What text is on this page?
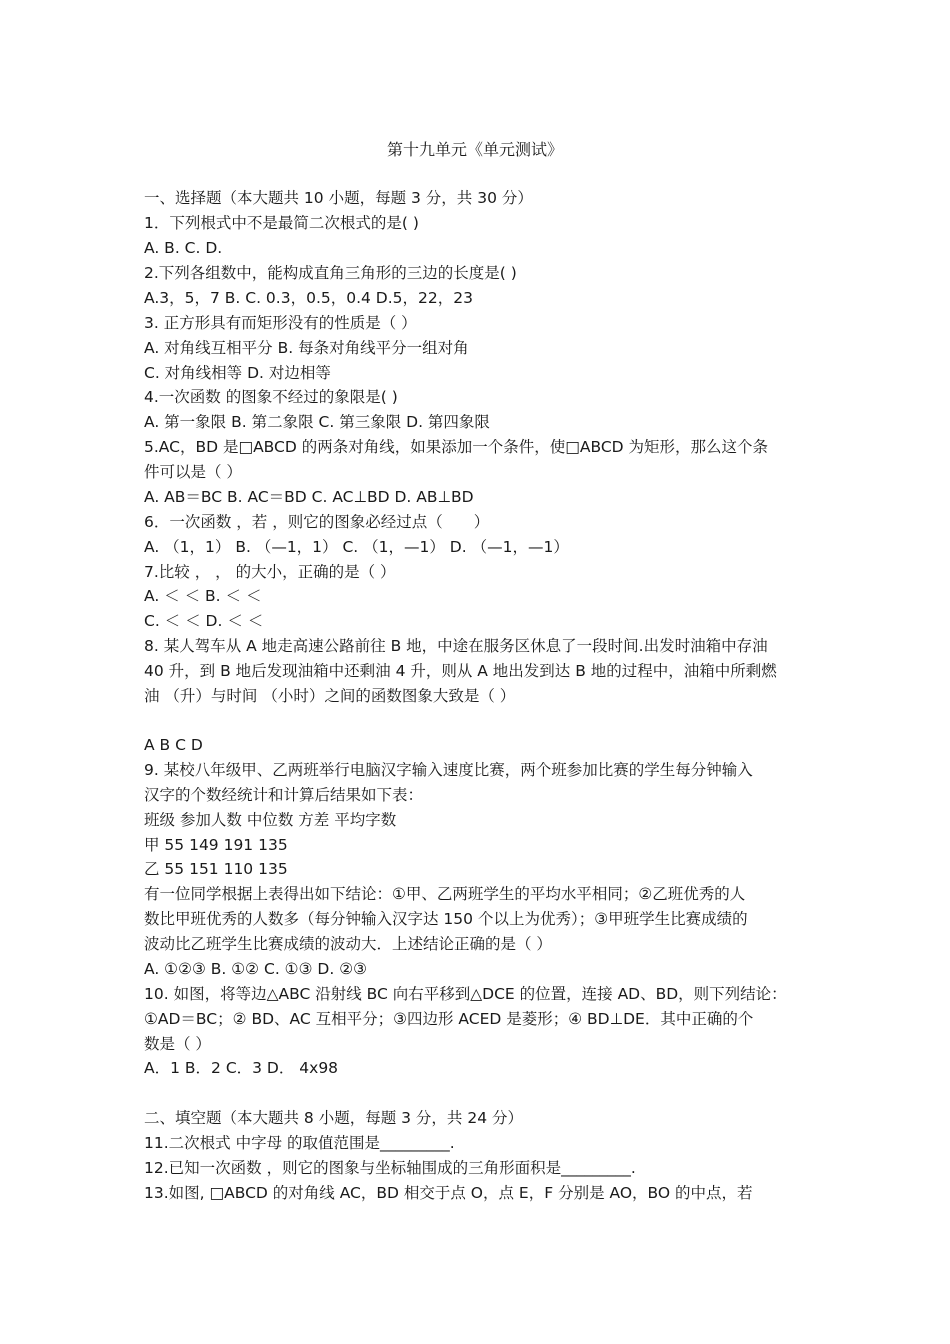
第十九单元《单元测试》
一、选择题（本大题共 10 小题，每题 3 分，共 30 分）
1．下列根式中不是最简二次根式的是( )
A. B. C. D.
2.下列各组数中，能构成直角三角形的三边的长度是( )
A.3，5，7 B. C. 0.3，0.5，0.4 D.5，22，23
3. 正方形具有而矩形没有的性质是（ ）
A. 对角线互相平分 B. 每条对角线平分一组对角
C. 对角线相等 D. 对边相等
4.一次函数 的图象不经过的象限是( )
A. 第一象限 B. 第二象限 C. 第三象限 D. 第四象限
5.AC，BD 是□ABCD 的两条对角线，如果添加一个条件，使□ABCD 为矩形，那么这个条
件可以是（ ）
A. AB＝BC B. AC＝BD C. AC⊥BD D. AB⊥BD
6．一次函数 ，若 ，则它的图象必经过点（　　）
A. （1，1） B. （—1，1） C. （1，—1） D. （—1，—1）
7.比较 ， ， 的大小，正确的是（ ）
A. ＜ ＜ B. ＜ ＜
C. ＜ ＜ D. ＜ ＜
8. 某人驾车从 A 地走高速公路前往 B 地，中途在服务区休息了一段时间.出发时油箱中存油
40 升，到 B 地后发现油箱中还剩油 4 升，则从 A 地出发到达 B 地的过程中，油箱中所剩燃
油 （升）与时间 （小时）之间的函数图象大致是（ ）
A B C D
9. 某校八年级甲、乙两班举行电脑汉字输入速度比赛，两个班参加比赛的学生每分钟输入
汉字的个数经统计和计算后结果如下表：
班级 参加人数 中位数 方差 平均字数
甲 55 149 191 135
乙 55 151 110 135
有一位同学根据上表得出如下结论：①甲、乙两班学生的平均水平相同；②乙班优秀的人
数比甲班优秀的人数多（每分钟输入汉字达 150 个以上为优秀）；③甲班学生比赛成绩的
波动比乙班学生比赛成绩的波动大．上述结论正确的是（ ）
A. ①②③ B. ①② C. ①③ D. ②③
10. 如图，将等边△ABC 沿射线 BC 向右平移到△DCE 的位置，连接 AD、BD，则下列结论：
①AD＝BC；② BD、AC 互相平分；③四边形 ACED 是菱形；④ BD⊥DE．其中正确的个
数是（ ）
A．1 B．2 C．3 D． 4x98
二、填空题（本大题共 8 小题，每题 3 分，共 24 分）
11.二次根式 中字母 的取值范围是_________.
12.已知一次函数 ，则它的图象与坐标轴围成的三角形面积是_________.
13.如图, □ABCD 的对角线 AC，BD 相交于点 O，点 E，F 分别是 AO，BO 的中点，若
